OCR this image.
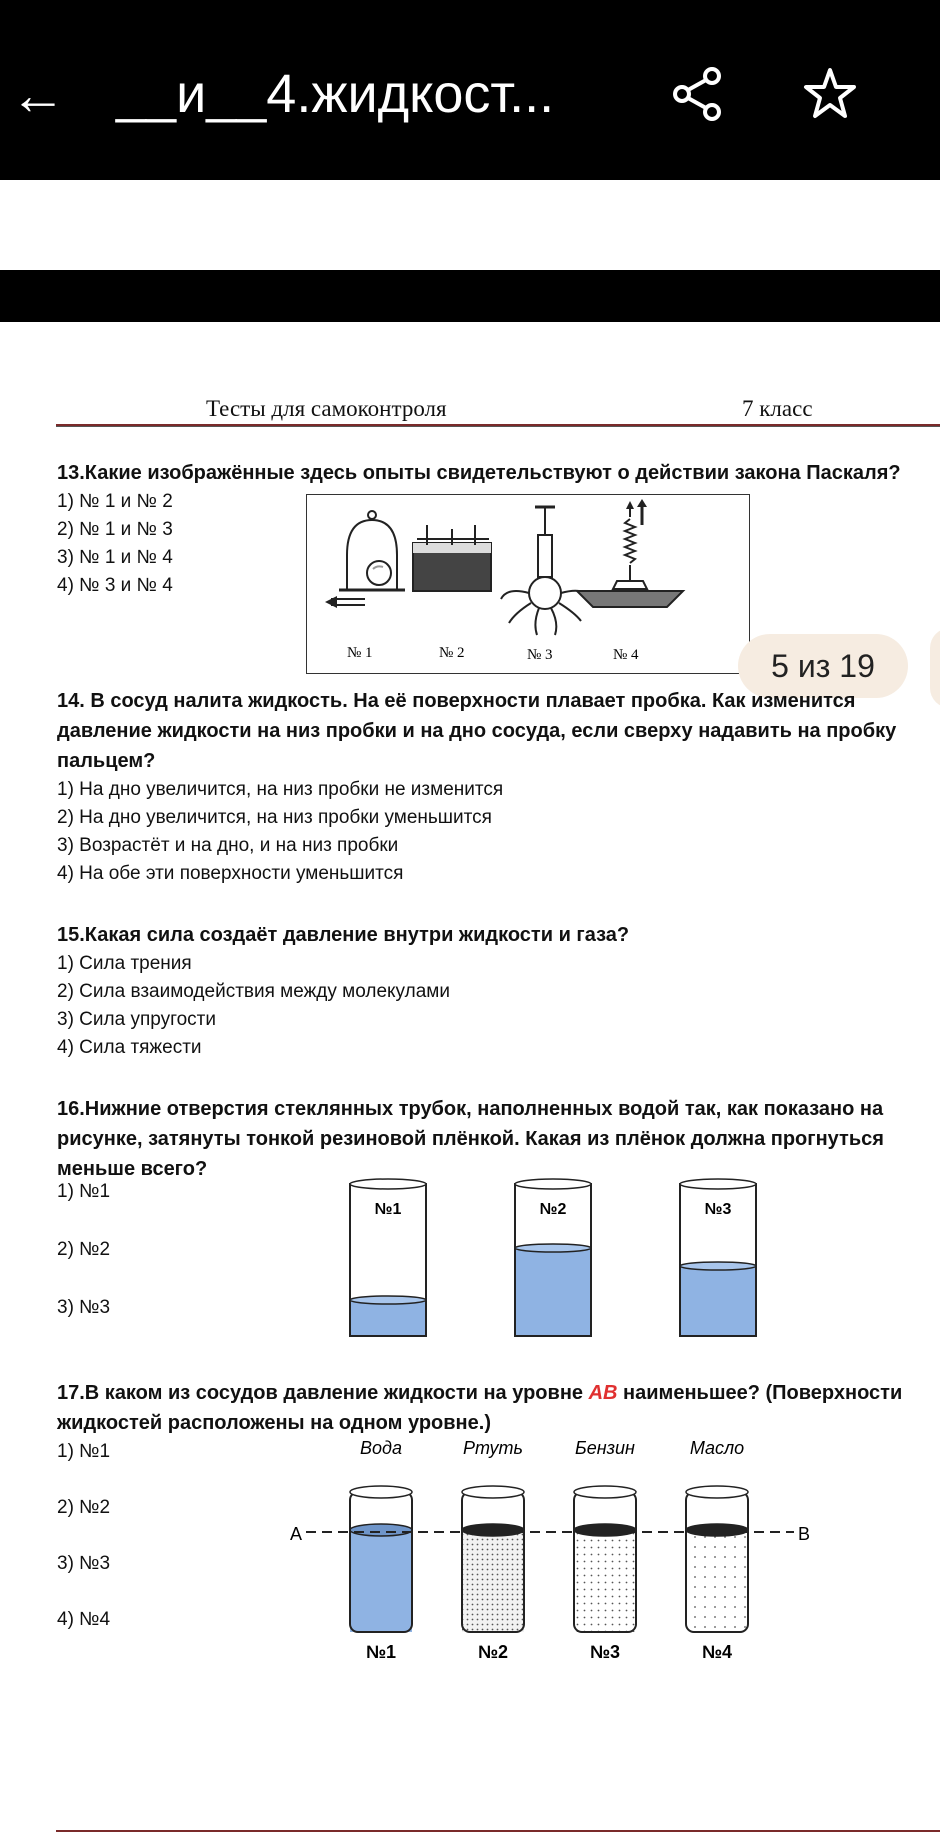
← __и__4.жидкост...
Тесты для самоконтроля	7 класс
13.Какие изображённые здесь опыты свидетельствуют о действии закона Паскаля?
1) № 1 и № 2
2) № 1 и № 3
3) № 1 и № 4
4) № 3 и № 4
№ 1	№ 2	№ 3	№ 4	5 из 19
14. В сосуд налита жидкость. На её поверхности плавает пробка. Как изменится давление жидкости на низ пробки и на дно сосуда, если сверху надавить на пробку пальцем?
1) На дно увеличится, на низ пробки не изменится
2) На дно увеличится, на низ пробки уменьшится
3) Возрастёт и на дно, и на низ пробки
4) На обе эти поверхности уменьшится
15.Какая сила создаёт давление внутри жидкости и газа?
1) Сила трения
2) Сила взаимодействия между молекулами
3) Сила упругости
4) Сила тяжести
16.Нижние отверстия стеклянных трубок, наполненных водой так, как показано на рисунке, затянуты тонкой резиновой плёнкой. Какая из плёнок должна прогнуться меньше всего?
1) №1
2) №2
3) №3
№1	№2	№3
17.В каком из сосудов давление жидкости на уровне АВ наименьшее? (Поверхности жидкостей расположены на одном уровне.)
1) №1
2) №2
3) №3
4) №4
Вода
№1
Ртуть
№2
Бензин
№3
Масло
№4
A	B
